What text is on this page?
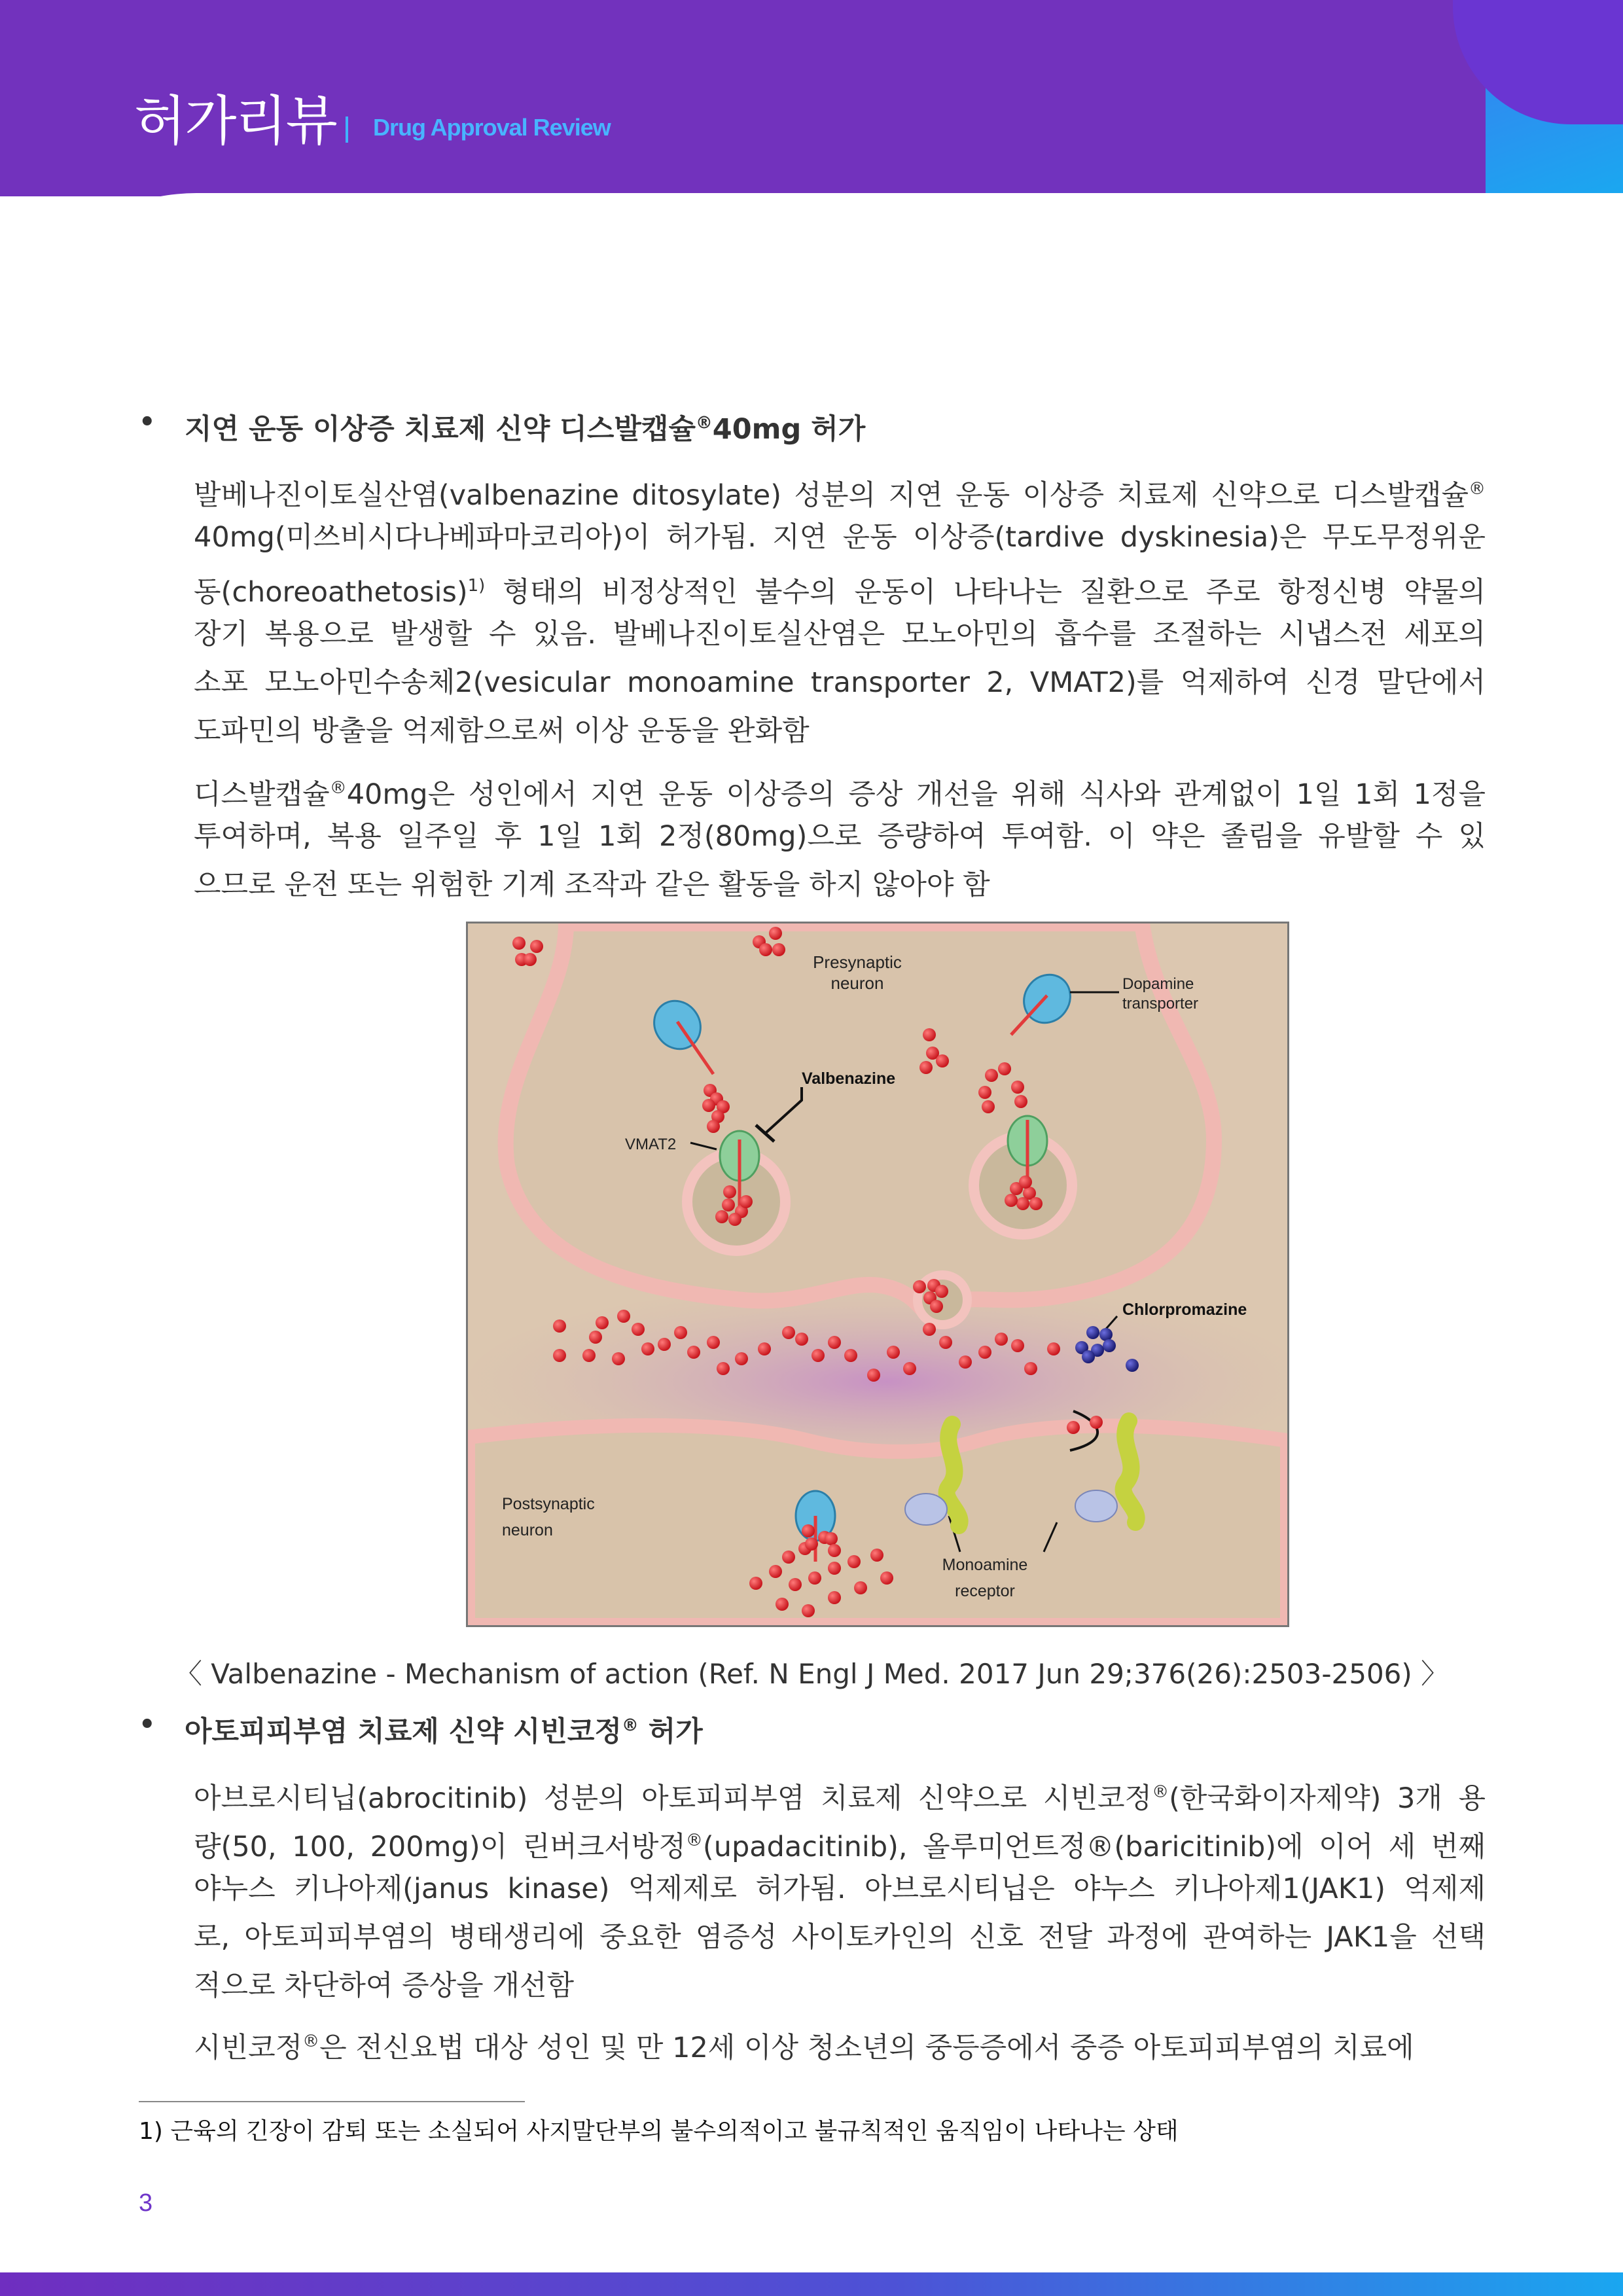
허가리뷰 Drug Approval Review
• 지연 운동 이상증 치료제 신약 디스발캡슐®40mg 허가
발베나진이토실산염(valbenazine ditosylate) 성분의 지연 운동 이상증 치료제 신약으로 디스발캡슐®
40mg(미쓰비시다나베파마코리아)이 허가됨. 지연 운동 이상증(tardive dyskinesia)은 무도무정위운
동(choreoathetosis)$^{1)}$ 형태의 비정상적인 불수의 운동이 나타나는 질환으로 주로 항정신병 약물의
장기 복용으로 발생할 수 있음. 발베나진이토실산염은 모노아민의 흡수를 조절하는 시냅스전 세포의
소포 모노아민수송체2(vesicular monoamine transporter 2, VMAT2)를 억제하여 신경 말단에서
도파민의 방출을 억제함으로써 이상 운동을 완화함
디스발캡슐®40mg은 성인에서 지연 운동 이상증의 증상 개선을 위해 식사와 관계없이 1일 1회 1정을
투여하며, 복용 일주일 후 1일 1회 2정(80mg)으로 증량하여 투여함. 이 약은 졸림을 유발할 수 있
으므로 운전 또는 위험한 기계 조작과 같은 활동을 하지 않아야 함
Presynaptic
neuron	Dopamine
transporter
Valbenazine
VMAT2
Chlorpromazine
Postsynaptic
neuron
Monoamine
receptor
〈 Valbenazine - Mechanism of action (Ref. N Engl J Med. 2017 Jun 29;376(26):2503-2506) 〉
• 아토피피부염 치료제 신약 시빈코정® 허가
아브로시티닙(abrocitinib) 성분의 아토피피부염 치료제 신약으로 시빈코정®(한국화이자제약) 3개 용
량(50, 100, 200mg)이 린버크서방정®(upadacitinib), 올루미언트정®(baricitinib)에 이어 세 번째
야누스 키나아제(janus kinase) 억제제로 허가됨. 아브로시티닙은 야누스 키나아제1(JAK1) 억제제
로, 아토피피부염의 병태생리에 중요한 염증성 사이토카인의 신호 전달 과정에 관여하는 JAK1을 선택
적으로 차단하여 증상을 개선함
시빈코정®은 전신요법 대상 성인 및 만 12세 이상 청소년의 중등증에서 중증 아토피피부염의 치료에
1) 근육의 긴장이 감퇴 또는 소실되어 사지말단부의 불수의적이고 불규칙적인 움직임이 나타나는 상태
3
